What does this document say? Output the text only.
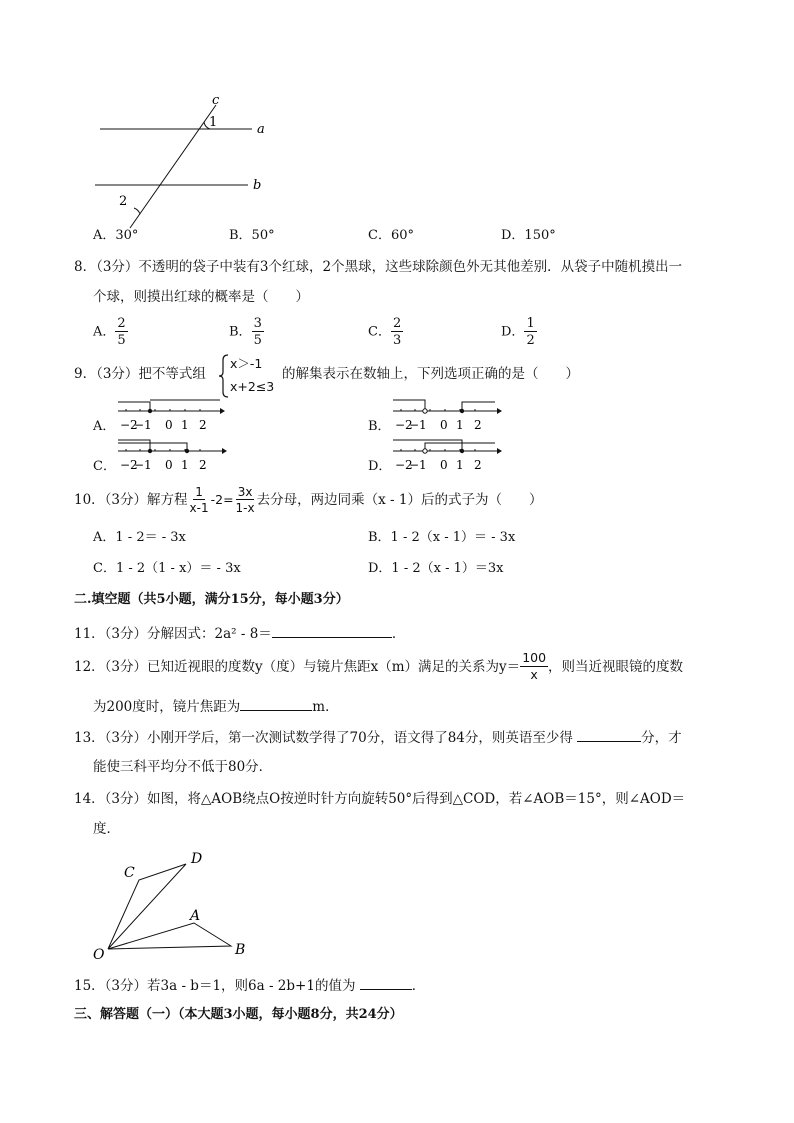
c
a
b
1
2
A．30°	B．50°	C．60°	D．150°
8．（3分）不透明的袋子中装有3个红球，2个黑球，这些球除颜色外无其他差别．从袋子中随机摸出一
个球，则摸出红球的概率是（　　）
A． $\frac{2}{5}$	B． $\frac{3}{5}$	C． $\frac{2}{3}$	D． $\frac{1}{2}$
9．（3分）把不等式组
x＞-1
x+2≤3
的解集表示在数轴上，下列选项正确的是（　　）
A． −2
−1 0 1 2	B． −2
−1 0 1 2
C． −2
−1 0 1 2	D． −2
−1 0 1 2
10．（3分）解方程 $\frac{1}{x-1} -2= \frac{3x}{1-x}$ 去分母，两边同乘（x - 1）后的式子为（　　）
A．1 - 2＝ - 3x	B．1 - 2（x - 1）＝ - 3x
C．1 - 2（1 - x）＝ - 3x	D．1 - 2（x - 1）＝3x
二.填空题（共5小题，满分15分，每小题3分）
11．（3分）分解因式：2a² - 8＝	．
12．（3分）已知近视眼的度数y（度）与镜片焦距x（m）满足的关系为$y= \frac{100}{x}$ ，则当近视眼镜的度数
为200度时，镜片焦距为	m．
13．（3分）小刚开学后，第一次测试数学得了70分，语文得了84分，则英语至少得	分，才
能使三科平均分不低于80分．
14．（3分）如图，将△AOB绕点O按逆时针方向旋转50°后得到△COD，若∠AOB＝15°，则∠AOD＝
度．
C
D
A
O	B
15．（3分）若3a - b＝1，则6a - 2b+1的值为	．
三、解答题（一）（本大题3小题，每小题8分，共24分）
